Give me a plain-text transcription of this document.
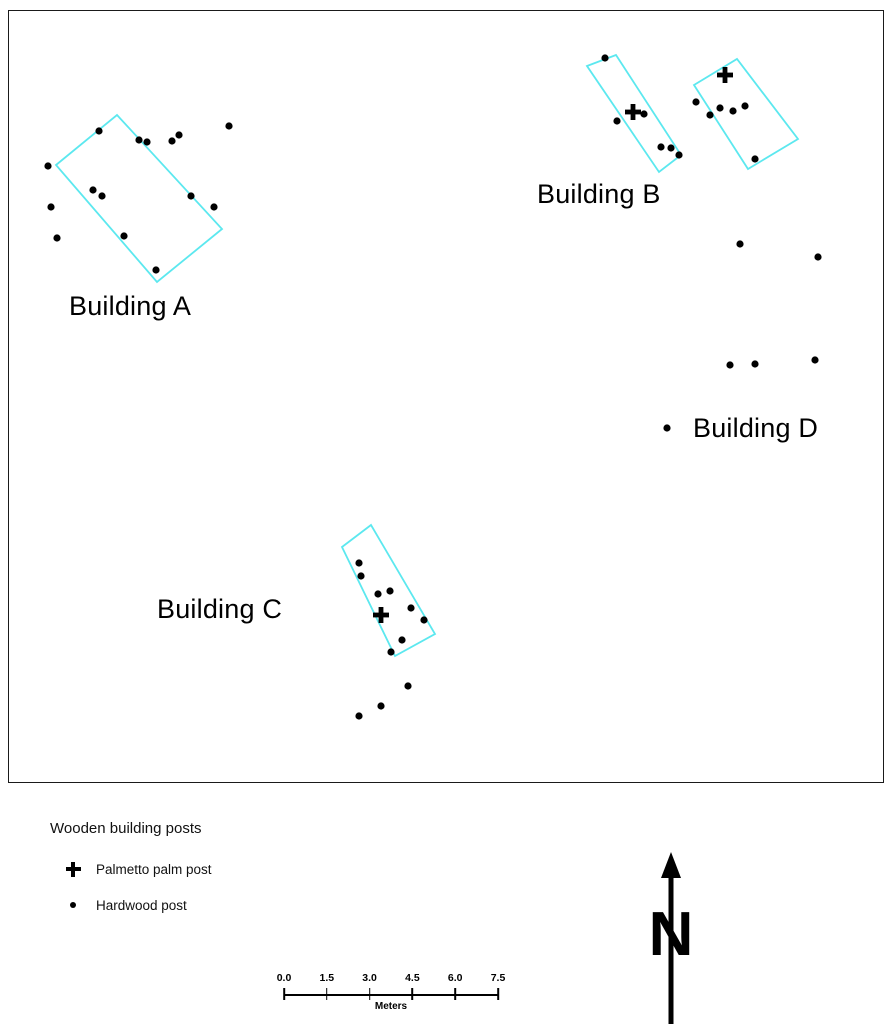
Building A
Building B
Building C
Building D
Wooden building posts
Palmetto palm post
Hardwood post
0.0	1.5	3.0	4.5	6.0	7.5
Meters
N
